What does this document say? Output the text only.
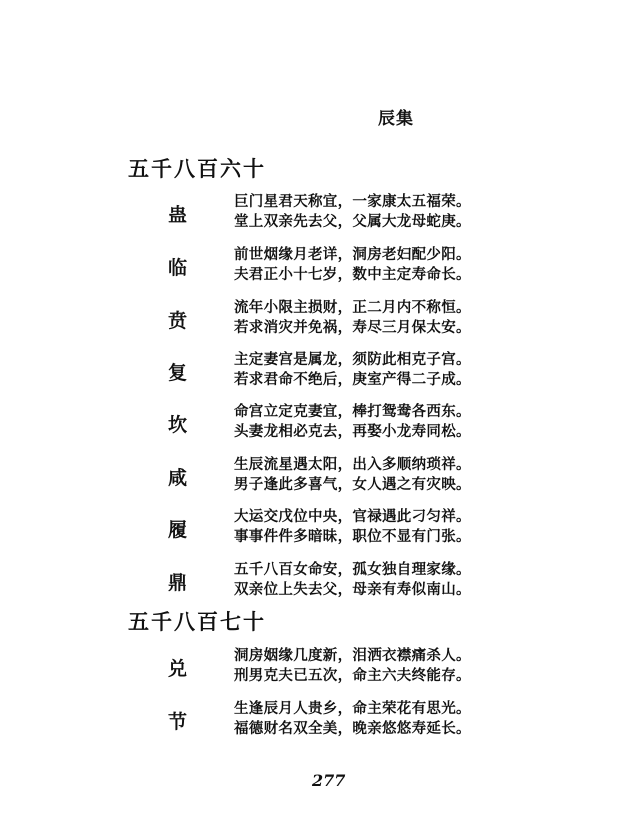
辰集
五千八百六十
蛊
巨门星君天称宜，一家康太五福荣。
堂上双亲先去父，父属大龙母蛇庚。
临
前世烟缘月老详，洞房老妇配少阳。
夫君正小十七岁，数中主定寿命长。
贲
流年小限主损财，正二月内不称恒。
若求消灾并免祸，寿尽三月保太安。
复
主定妻宫是属龙，须防此相克子宫。
若求君命不绝后，庚室产得二子成。
坎
命宫立定克妻宜，棒打鸳鸯各西东。
头妻龙相必克去，再娶小龙寿同松。
咸
生辰流星遇太阳，出入多顺纳琐祥。
男子逢此多喜气，女人遇之有灾映。
履
大运交戊位中央，官禄遇此刁匀祥。
事事件件多暗昧，职位不显有门张。
鼎
五千八百女命安，孤女独自理家缘。
双亲位上失去父，母亲有寿似南山。
五千八百七十
兑
洞房姻缘几度新，泪洒衣襟痛杀人。
刑男克夫已五次，命主六夫终能存。
节
生逢辰月人贵乡，命主荣花有思光。
福德财名双全美，晚亲悠悠寿延长。
277
